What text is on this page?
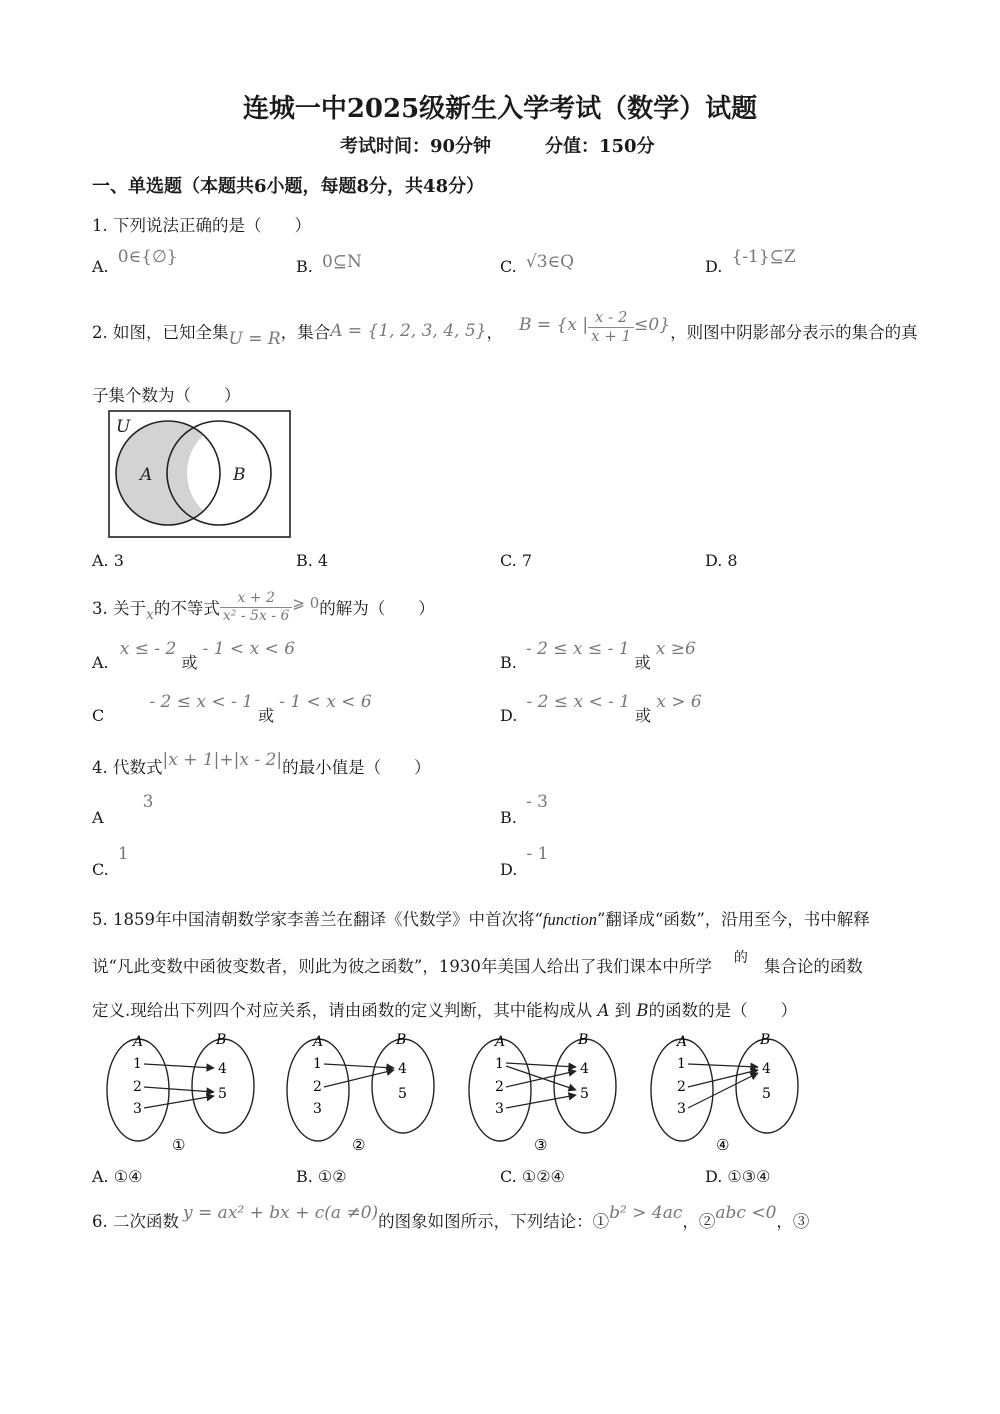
连城一中2025级新生入学考试（数学）试题
考试时间：90分钟	分值：150分
一、单选题（本题共6小题，每题8分，共48分）
1. 下列说法正确的是（　　）
A. 0∈{∅}	B. 0⊆N	C. √3∈Q	D. {-1}⊆Z
2. 如图，已知全集 U = R ，集合 A = {1, 2, 3, 4, 5} ， B = {x | $\frac{x - 2}{x + 1} \le 0$} ，则图中阴影部分表示的集合的真
子集个数为（　　）
U
A	B
A. 3	B. 4	C. 7	D. 8
3. 关于 x 的不等式 $\frac{x + 2}{\text{x² - 5x - 6}}$ ⩾ 0 的解为（　　）
A. x ≤ - 2 或 - 1 < x < 6
B. - 2 ≤ x ≤ - 1 或 x ≥6
C - 2 ≤ x < - 1 或 - 1 < x < 6
D. - 2 ≤ x < - 1 或 x > 6
4. 代数式 |x + 1|+|x - 2| 的最小值是（　　）
A 3
B. - 3
C. 1
D. - 1
5. 1859年中国清朝数学家李善兰在翻译《代数学》中首次将“function”翻译成“函数”，沿用至今，书中解释
说“凡此变数中函彼变数者，则此为彼之函数”，1930年美国人给出了我们课本中所学 $^的$ 集合论的函数
定义.现给出下列四个对应关系，请由函数的定义判断，其中能构成从 A 到 B的函数的是（　　）
A	B
1
2
3
4
5
①
A	B
1
2
3
4
5
②
A	B
1
2
3
4
5
③
A	B
1
2
3
4
5
④
A. ①④	B. ①②	C. ①②④	D. ①③④
6. 二次函数 y = ax² + bx + c(a ≠0) 的图象如图所示，下列结论：① b² > 4ac ，② abc <0 ，③
